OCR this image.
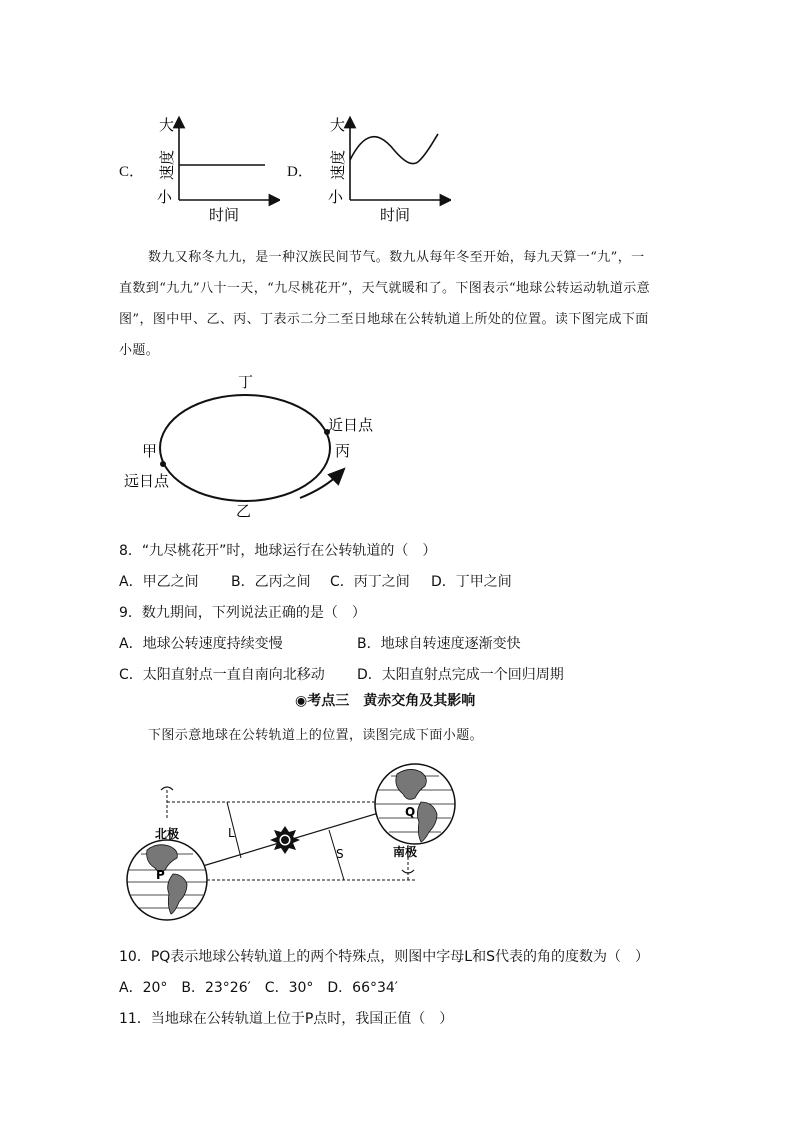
C．
大
小
时间
速度	D．
大
小
时间
速度
数九又称冬九九，是一种汉族民间节气。数九从每年冬至开始，每九天算一“九”，一
直数到“九九”八十一天，“九尽桃花开”，天气就暖和了。下图表示“地球公转运动轨道示意
图”，图中甲、乙、丙、丁表示二分二至日地球在公转轨道上所处的位置。读下图完成下面
小题。
丁
甲
乙
丙
近日点
远日点
8．“九尽桃花开”时，地球运行在公转轨道的（　）
A．甲乙之间 B．乙丙之间 C．丙丁之间 D．丁甲之间
9．数九期间，下列说法正确的是（　）
A．地球公转速度持续变慢	B．地球自转速度逐渐变快
C．太阳直射点一直自南向北移动 D．太阳直射点完成一个回归周期
◉考点三　黄赤交角及其影响
下图示意地球在公转轨道上的位置，读图完成下面小题。
北极
南极
P
Q
L
S
10．PQ表示地球公转轨道上的两个特殊点，则图中字母L和S代表的角的度数为（　）
A．20°　B．23°26′　C．30°　D．66°34′
11．当地球在公转轨道上位于P点时，我国正值（　）
